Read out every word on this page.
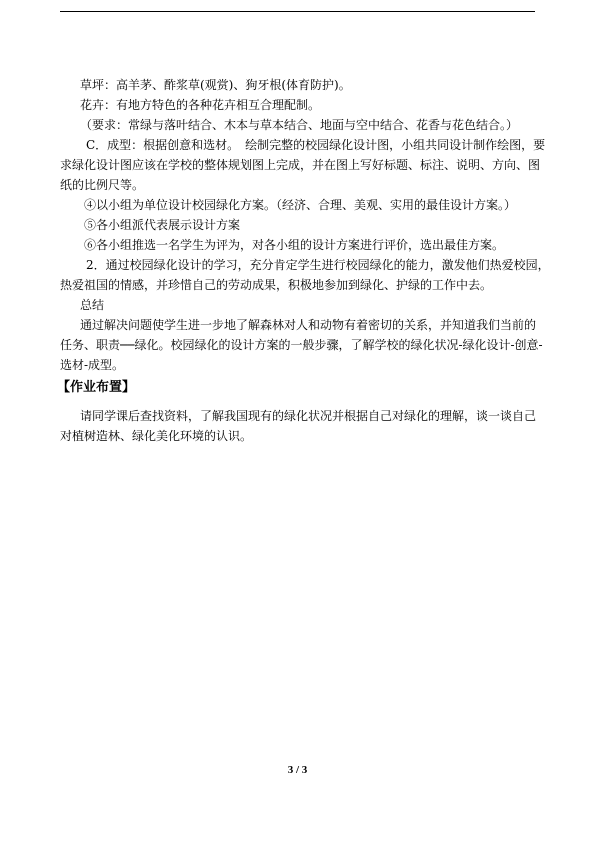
草坪：高羊茅、酢浆草(观赏)、狗牙根(体育防护)。

花卉：有地方特色的各种花卉相互合理配制。

（要求：常绿与落叶结合、木本与草本结合、地面与空中结合、花香与花色结合。）

C．成型：根据创意和选材。　绘制完整的校园绿化设计图，小组共同设计制作绘图，要

求绿化设计图应该在学校的整体规划图上完成，并在图上写好标题、标注、说明、方向、图

纸的比例尺等。

④以小组为单位设计校园绿化方案。（经济、合理、美观、实用的最佳设计方案。）

⑤各小组派代表展示设计方案

⑥各小组推选一名学生为评为，对各小组的设计方案进行评价，选出最佳方案。

2．通过校园绿化设计的学习，充分肯定学生进行校园绿化的能力，激发他们热爱校园，

热爱祖国的情感，并珍惜自己的劳动成果，积极地参加到绿化、护绿的工作中去。

总结

通过解决问题使学生进一步地了解森林对人和动物有着密切的关系，并知道我们当前的

任务、职责──绿化。校园绿化的设计方案的一般步骤，了解学校的绿化状况-绿化设计-创意-

选材-成型。

【作业布置】

请同学课后查找资料，了解我国现有的绿化状况并根据自己对绿化的理解，谈一谈自己

对植树造林、绿化美化环境的认识。

3 / 3
